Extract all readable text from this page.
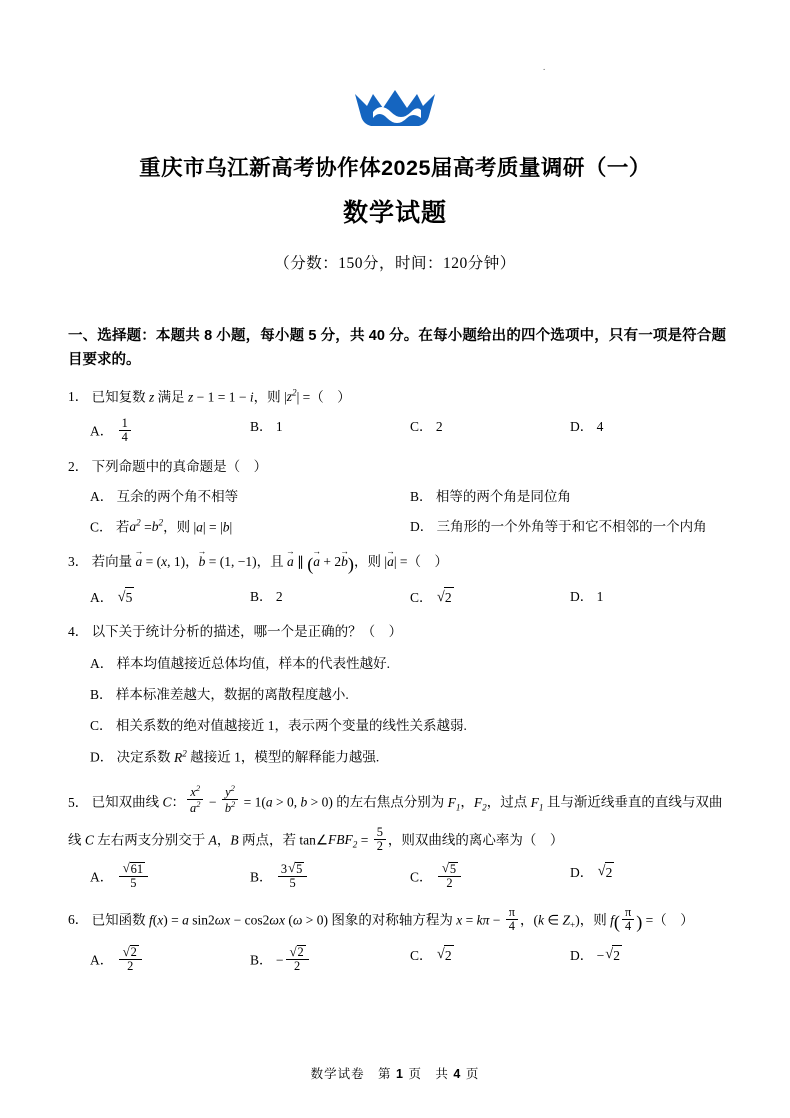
.
重庆市乌江新高考协作体2025届高考质量调研（一）
数学试题
（分数：150分，时间：120分钟）
一、选择题：本题共 8 小题，每小题 5 分，共 40 分。在每小题给出的四个选项中，只有一项是符合题目要求的。
1． 已知复数 z 满足 z − 1 = 1 − i，则 $|z^2|$ =（　）
A． $\frac{1}{4}$	B． 1	C． 2	D． 4
2． 下列命题中的真命题是（　）
A． 互余的两个角不相等	B． 相等的两个角是同位角
C． 若$a^2 =b^2$，则 |a| = |b|	D． 三角形的一个外角等于和它不相邻的一个内角
3． 若向量 a → = (x, 1)，b → = (1, −1)，且 a → ∥ (a → + 2b →)，则 |a →| =（　）
A． √ 5	B． 2	C． √ 2	D． 1
4． 以下关于统计分析的描述，哪一个是正确的？（　）
A． 样本均值越接近总体均值，样本的代表性越好.
B． 样本标准差越大，数据的离散程度越小.
C． 相关系数的绝对值越接近 1，表示两个变量的线性关系越弱.
D． 决定系数 $R^2$ 越接近 1，模型的解释能力越强.
5． 已知双曲线 C： $\frac{x^2}{a^2} - \frac{y^2}{b^2} = 1(a > 0$, b > 0) 的左右焦点分别为 $F_1$，$F_2$，过点 $F_1$ 且与渐近线垂直的直线与双曲
线 C 左右两支分别交于 A，B 两点，若 $\tan\angle FBF_2 = \frac{5}{2}$ ，则双曲线的离心率为（　）
A． √ $\frac{61}{5}$	B． $\frac{3 √ 5}{5}$	C． √ $\frac{5}{2}$	D． √ 2
6． 已知函数 f(x) = a sin2ωx − cos2ωx (ω > 0) 图象的对称轴方程为 $x = k\pi - \frac{\pi}{4}$ ，(k ∈ $Z_+$)，则 $f( \frac{\pi}{4}$ ) =（　）
A． √ $\frac{2}{2}$	B． − √ $\frac{2}{2}$	C． √ 2	D． − √ 2
数学试卷 第 1 页 共 4 页
